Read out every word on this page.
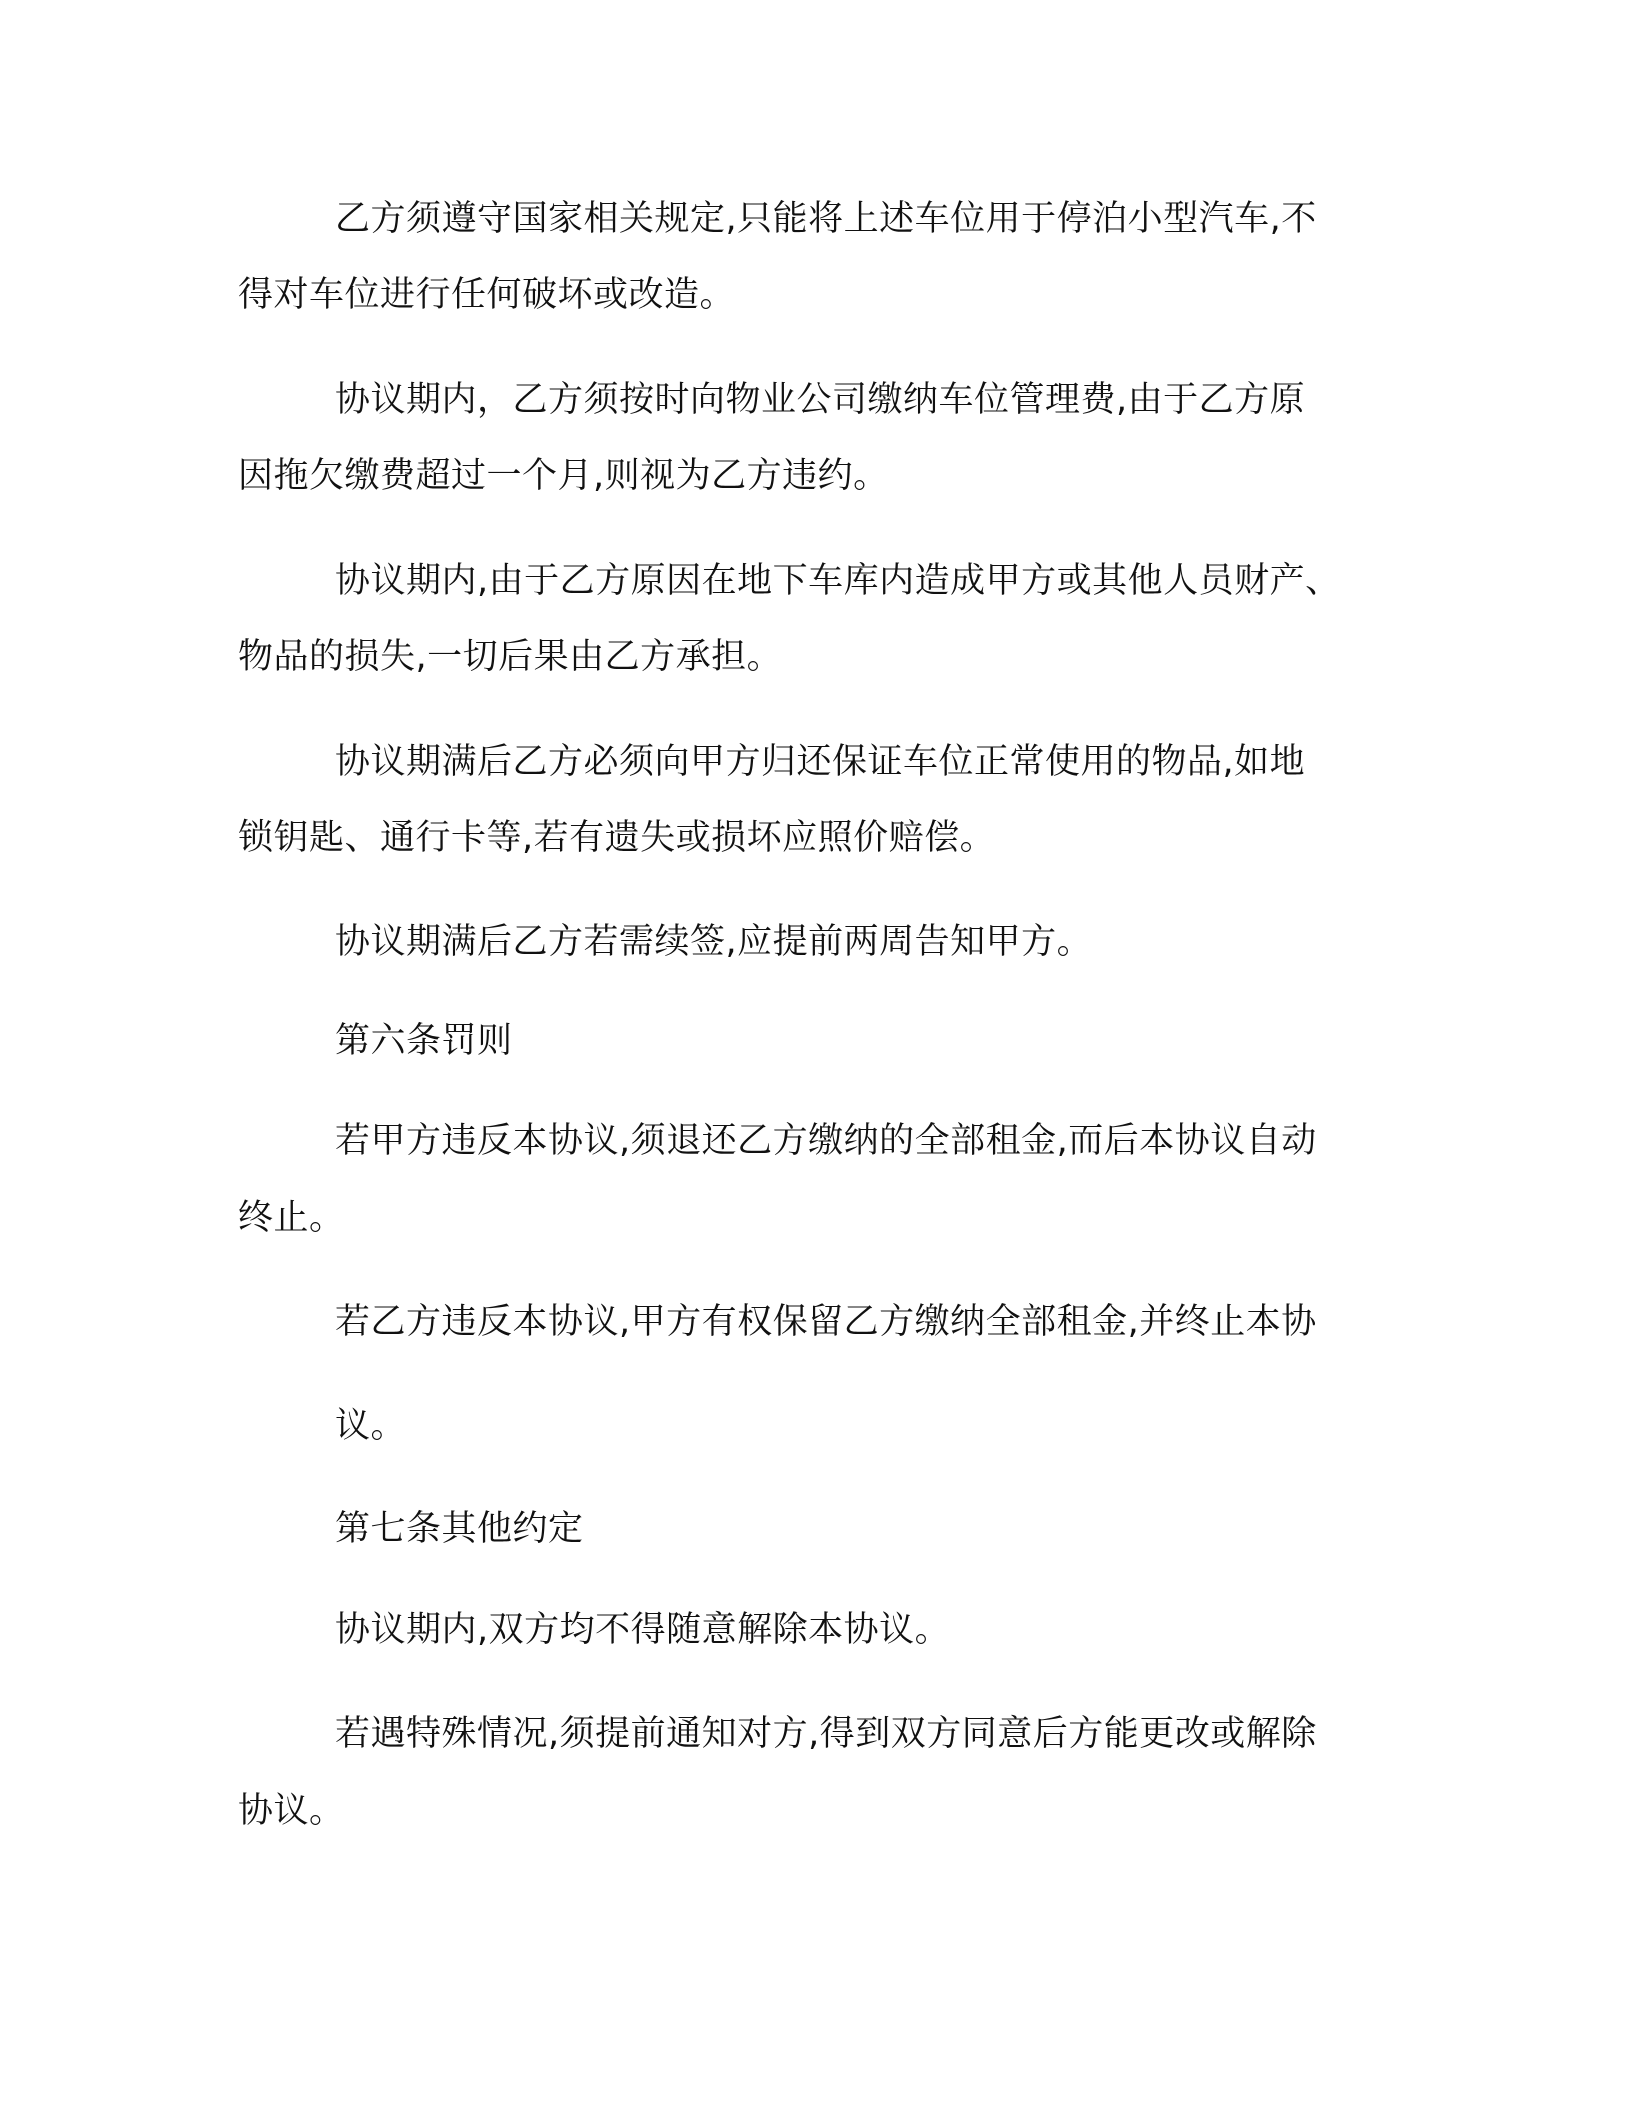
乙方须遵守国家相关规定,只能将上述车位用于停泊小型汽车,不
得对车位进行任何破坏或改造。
协议期内，乙方须按时向物业公司缴纳车位管理费,由于乙方原
因拖欠缴费超过一个月,则视为乙方违约。
协议期内,由于乙方原因在地下车库内造成甲方或其他人员财产、
物品的损失,一切后果由乙方承担。
协议期满后乙方必须向甲方归还保证车位正常使用的物品,如地
锁钥匙、通行卡等,若有遗失或损坏应照价赔偿。
协议期满后乙方若需续签,应提前两周告知甲方。
第六条罚则
若甲方违反本协议,须退还乙方缴纳的全部租金,而后本协议自动
终止。
若乙方违反本协议,甲方有权保留乙方缴纳全部租金,并终止本协
议。
第七条其他约定
协议期内,双方均不得随意解除本协议。
若遇特殊情况,须提前通知对方,得到双方同意后方能更改或解除
协议。
